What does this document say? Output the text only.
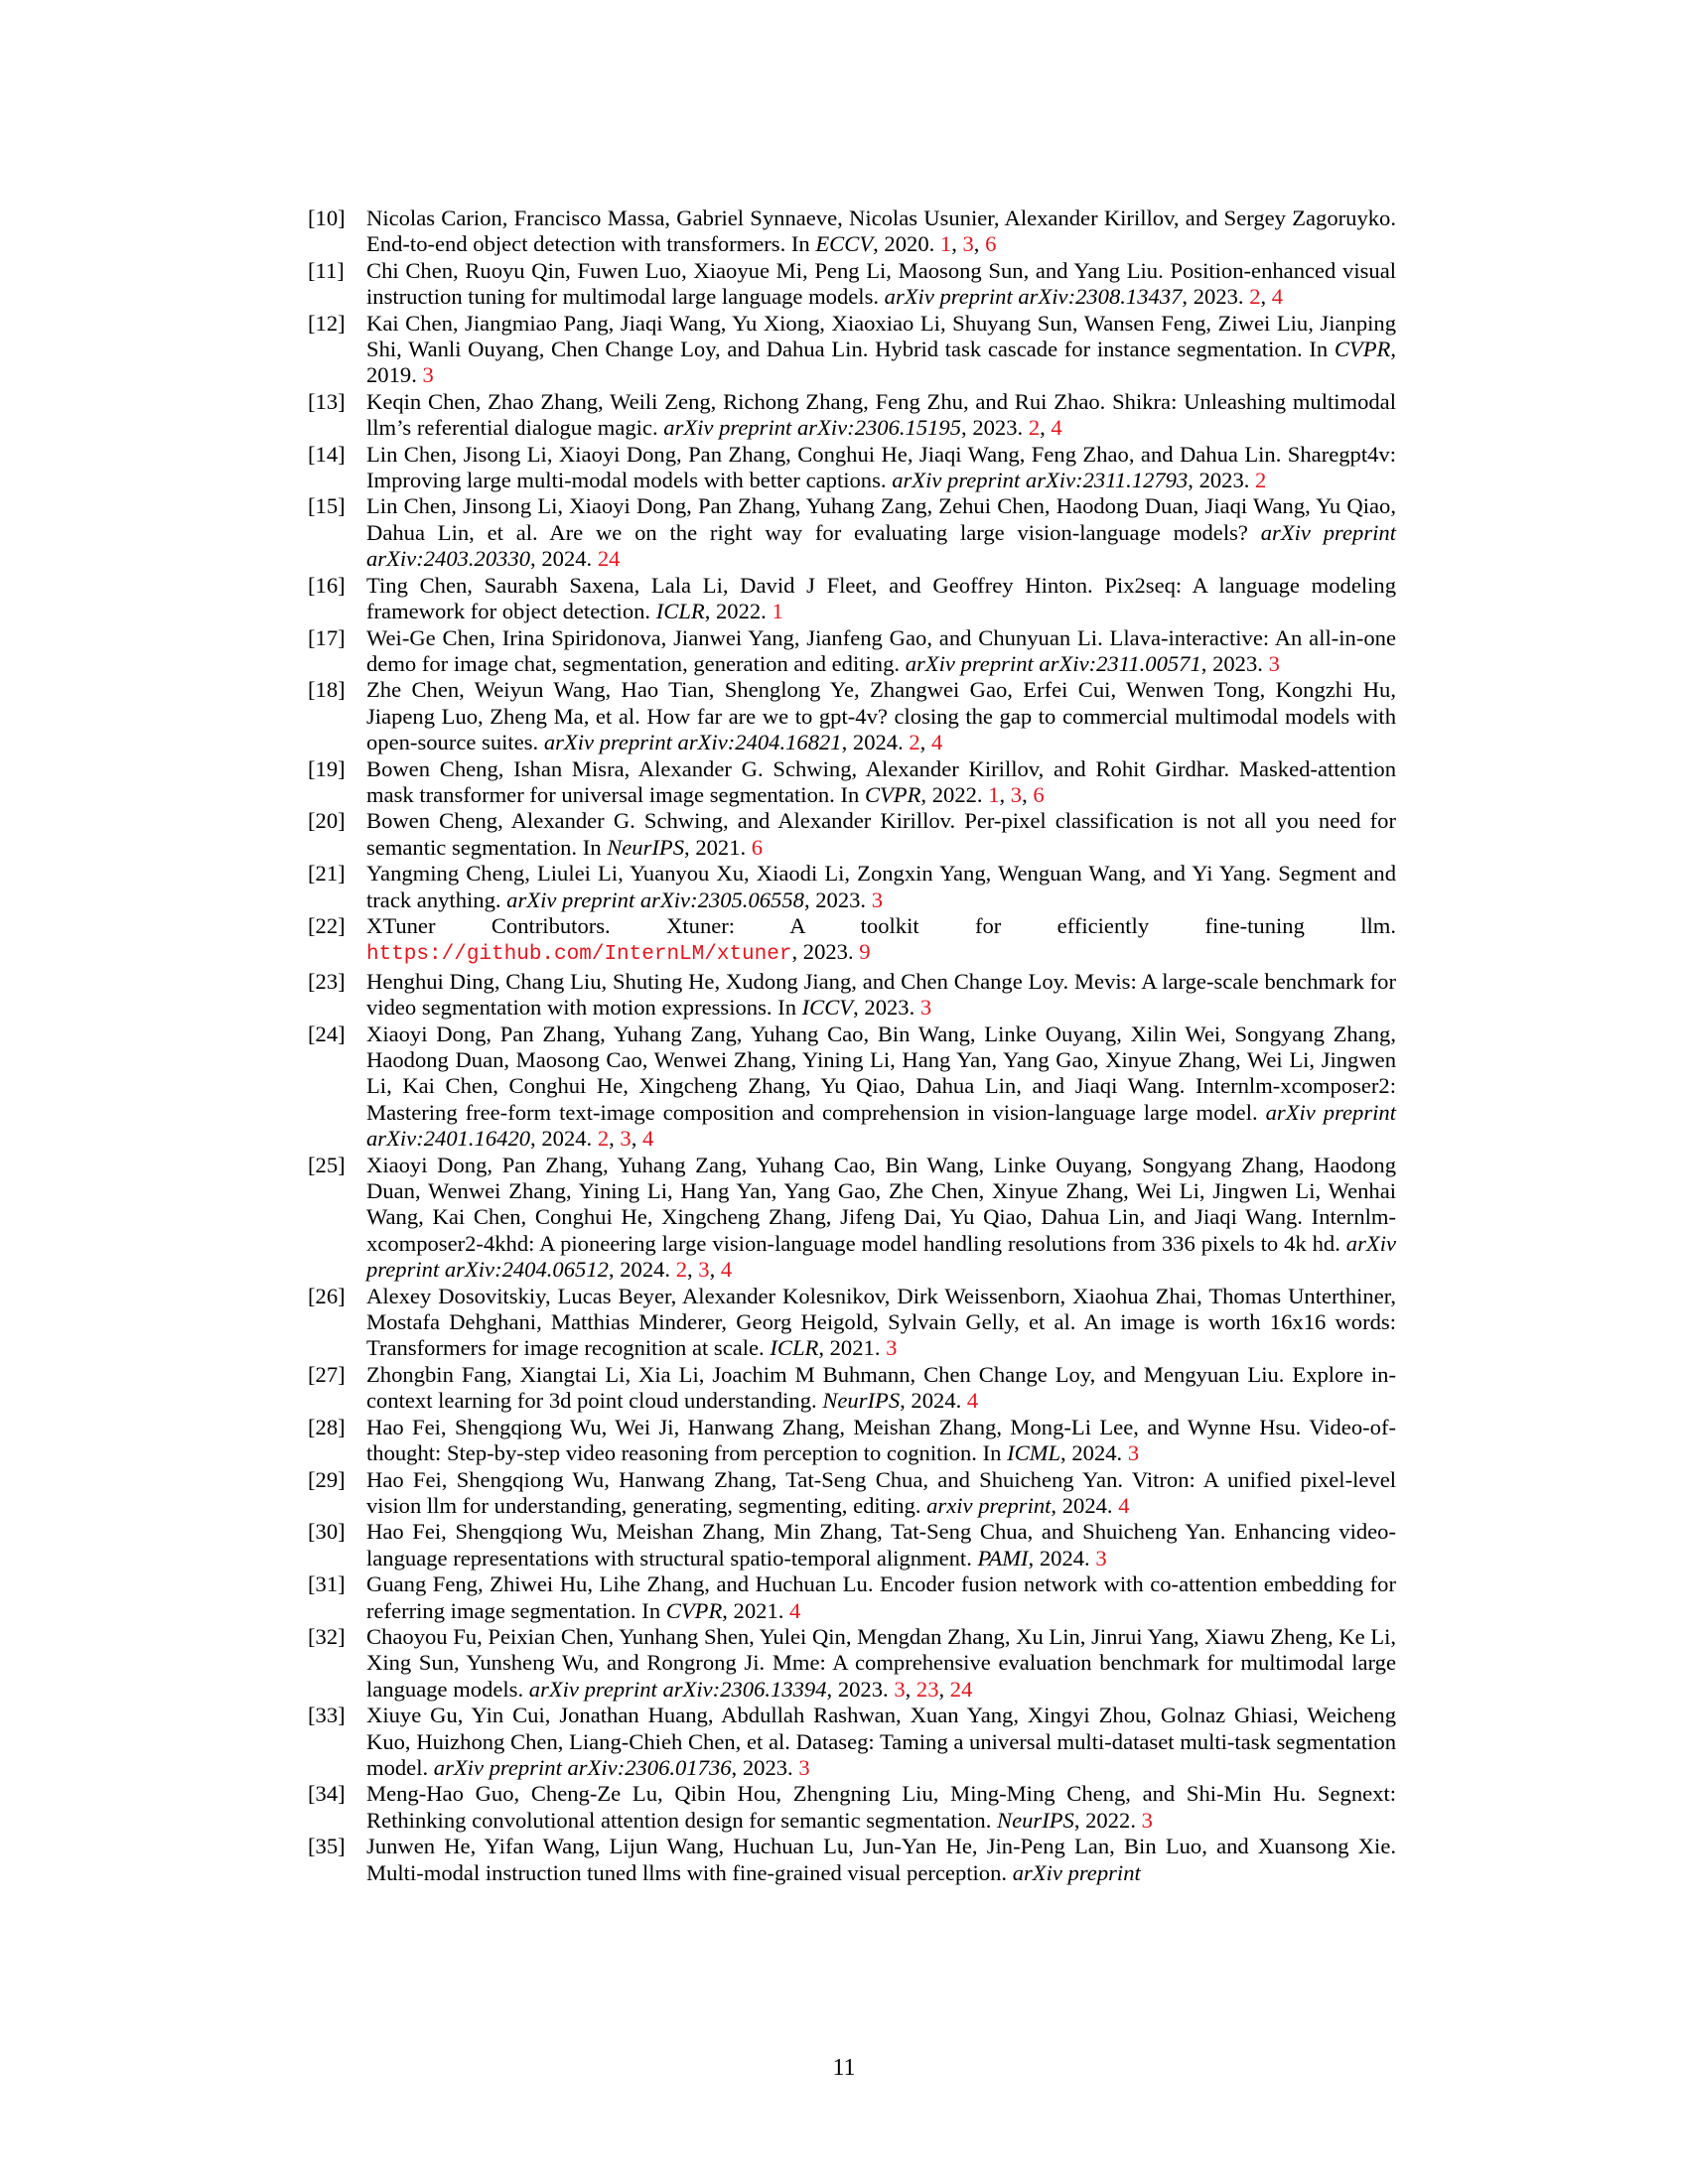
[10] Nicolas Carion, Francisco Massa, Gabriel Synnaeve, Nicolas Usunier, Alexander Kirillov, and Sergey Zagoruyko. End-to-end object detection with transformers. In ECCV, 2020. 1, 3, 6
[11] Chi Chen, Ruoyu Qin, Fuwen Luo, Xiaoyue Mi, Peng Li, Maosong Sun, and Yang Liu. Position-enhanced visual instruction tuning for multimodal large language models. arXiv preprint arXiv:2308.13437, 2023. 2, 4
[12] Kai Chen, Jiangmiao Pang, Jiaqi Wang, Yu Xiong, Xiaoxiao Li, Shuyang Sun, Wansen Feng, Ziwei Liu, Jianping Shi, Wanli Ouyang, Chen Change Loy, and Dahua Lin. Hybrid task cascade for instance segmentation. In CVPR, 2019. 3
[13] Keqin Chen, Zhao Zhang, Weili Zeng, Richong Zhang, Feng Zhu, and Rui Zhao. Shikra: Unleashing multimodal llm’s referential dialogue magic. arXiv preprint arXiv:2306.15195, 2023. 2, 4
[14] Lin Chen, Jisong Li, Xiaoyi Dong, Pan Zhang, Conghui He, Jiaqi Wang, Feng Zhao, and Dahua Lin. Sharegpt4v: Improving large multi-modal models with better captions. arXiv preprint arXiv:2311.12793, 2023. 2
[15] Lin Chen, Jinsong Li, Xiaoyi Dong, Pan Zhang, Yuhang Zang, Zehui Chen, Haodong Duan, Jiaqi Wang, Yu Qiao, Dahua Lin, et al. Are we on the right way for evaluating large vision-language models? arXiv preprint arXiv:2403.20330, 2024. 24
[16] Ting Chen, Saurabh Saxena, Lala Li, David J Fleet, and Geoffrey Hinton. Pix2seq: A language modeling framework for object detection. ICLR, 2022. 1
[17] Wei-Ge Chen, Irina Spiridonova, Jianwei Yang, Jianfeng Gao, and Chunyuan Li. Llava-interactive: An all-in-one demo for image chat, segmentation, generation and editing. arXiv preprint arXiv:2311.00571, 2023. 3
[18] Zhe Chen, Weiyun Wang, Hao Tian, Shenglong Ye, Zhangwei Gao, Erfei Cui, Wenwen Tong, Kongzhi Hu, Jiapeng Luo, Zheng Ma, et al. How far are we to gpt-4v? closing the gap to commercial multimodal models with open-source suites. arXiv preprint arXiv:2404.16821, 2024. 2, 4
[19] Bowen Cheng, Ishan Misra, Alexander G. Schwing, Alexander Kirillov, and Rohit Girdhar. Masked-attention mask transformer for universal image segmentation. In CVPR, 2022. 1, 3, 6
[20] Bowen Cheng, Alexander G. Schwing, and Alexander Kirillov. Per-pixel classification is not all you need for semantic segmentation. In NeurIPS, 2021. 6
[21] Yangming Cheng, Liulei Li, Yuanyou Xu, Xiaodi Li, Zongxin Yang, Wenguan Wang, and Yi Yang. Segment and track anything. arXiv preprint arXiv:2305.06558, 2023. 3
[22] XTuner Contributors. Xtuner: A toolkit for efficiently fine-tuning llm. https://github.com/InternLM/xtuner, 2023. 9
[23] Henghui Ding, Chang Liu, Shuting He, Xudong Jiang, and Chen Change Loy. Mevis: A large-scale benchmark for video segmentation with motion expressions. In ICCV, 2023. 3
[24] Xiaoyi Dong, Pan Zhang, Yuhang Zang, Yuhang Cao, Bin Wang, Linke Ouyang, Xilin Wei, Songyang Zhang, Haodong Duan, Maosong Cao, Wenwei Zhang, Yining Li, Hang Yan, Yang Gao, Xinyue Zhang, Wei Li, Jingwen Li, Kai Chen, Conghui He, Xingcheng Zhang, Yu Qiao, Dahua Lin, and Jiaqi Wang. Internlm-xcomposer2: Mastering free-form text-image composition and comprehension in vision-language large model. arXiv preprint arXiv:2401.16420, 2024. 2, 3, 4
[25] Xiaoyi Dong, Pan Zhang, Yuhang Zang, Yuhang Cao, Bin Wang, Linke Ouyang, Songyang Zhang, Haodong Duan, Wenwei Zhang, Yining Li, Hang Yan, Yang Gao, Zhe Chen, Xinyue Zhang, Wei Li, Jingwen Li, Wenhai Wang, Kai Chen, Conghui He, Xingcheng Zhang, Jifeng Dai, Yu Qiao, Dahua Lin, and Jiaqi Wang. Internlm-xcomposer2-4khd: A pioneering large vision-language model handling resolutions from 336 pixels to 4k hd. arXiv preprint arXiv:2404.06512, 2024. 2, 3, 4
[26] Alexey Dosovitskiy, Lucas Beyer, Alexander Kolesnikov, Dirk Weissenborn, Xiaohua Zhai, Thomas Unterthiner, Mostafa Dehghani, Matthias Minderer, Georg Heigold, Sylvain Gelly, et al. An image is worth 16x16 words: Transformers for image recognition at scale. ICLR, 2021. 3
[27] Zhongbin Fang, Xiangtai Li, Xia Li, Joachim M Buhmann, Chen Change Loy, and Mengyuan Liu. Explore in-context learning for 3d point cloud understanding. NeurIPS, 2024. 4
[28] Hao Fei, Shengqiong Wu, Wei Ji, Hanwang Zhang, Meishan Zhang, Mong-Li Lee, and Wynne Hsu. Video-of-thought: Step-by-step video reasoning from perception to cognition. In ICML, 2024. 3
[29] Hao Fei, Shengqiong Wu, Hanwang Zhang, Tat-Seng Chua, and Shuicheng Yan. Vitron: A unified pixel-level vision llm for understanding, generating, segmenting, editing. arxiv preprint, 2024. 4
[30] Hao Fei, Shengqiong Wu, Meishan Zhang, Min Zhang, Tat-Seng Chua, and Shuicheng Yan. Enhancing video-language representations with structural spatio-temporal alignment. PAMI, 2024. 3
[31] Guang Feng, Zhiwei Hu, Lihe Zhang, and Huchuan Lu. Encoder fusion network with co-attention embedding for referring image segmentation. In CVPR, 2021. 4
[32] Chaoyou Fu, Peixian Chen, Yunhang Shen, Yulei Qin, Mengdan Zhang, Xu Lin, Jinrui Yang, Xiawu Zheng, Ke Li, Xing Sun, Yunsheng Wu, and Rongrong Ji. Mme: A comprehensive evaluation benchmark for multimodal large language models. arXiv preprint arXiv:2306.13394, 2023. 3, 23, 24
[33] Xiuye Gu, Yin Cui, Jonathan Huang, Abdullah Rashwan, Xuan Yang, Xingyi Zhou, Golnaz Ghiasi, Weicheng Kuo, Huizhong Chen, Liang-Chieh Chen, et al. Dataseg: Taming a universal multi-dataset multi-task segmentation model. arXiv preprint arXiv:2306.01736, 2023. 3
[34] Meng-Hao Guo, Cheng-Ze Lu, Qibin Hou, Zhengning Liu, Ming-Ming Cheng, and Shi-Min Hu. Segnext: Rethinking convolutional attention design for semantic segmentation. NeurIPS, 2022. 3
[35] Junwen He, Yifan Wang, Lijun Wang, Huchuan Lu, Jun-Yan He, Jin-Peng Lan, Bin Luo, and Xuansong Xie. Multi-modal instruction tuned llms with fine-grained visual perception. arXiv preprint
11
